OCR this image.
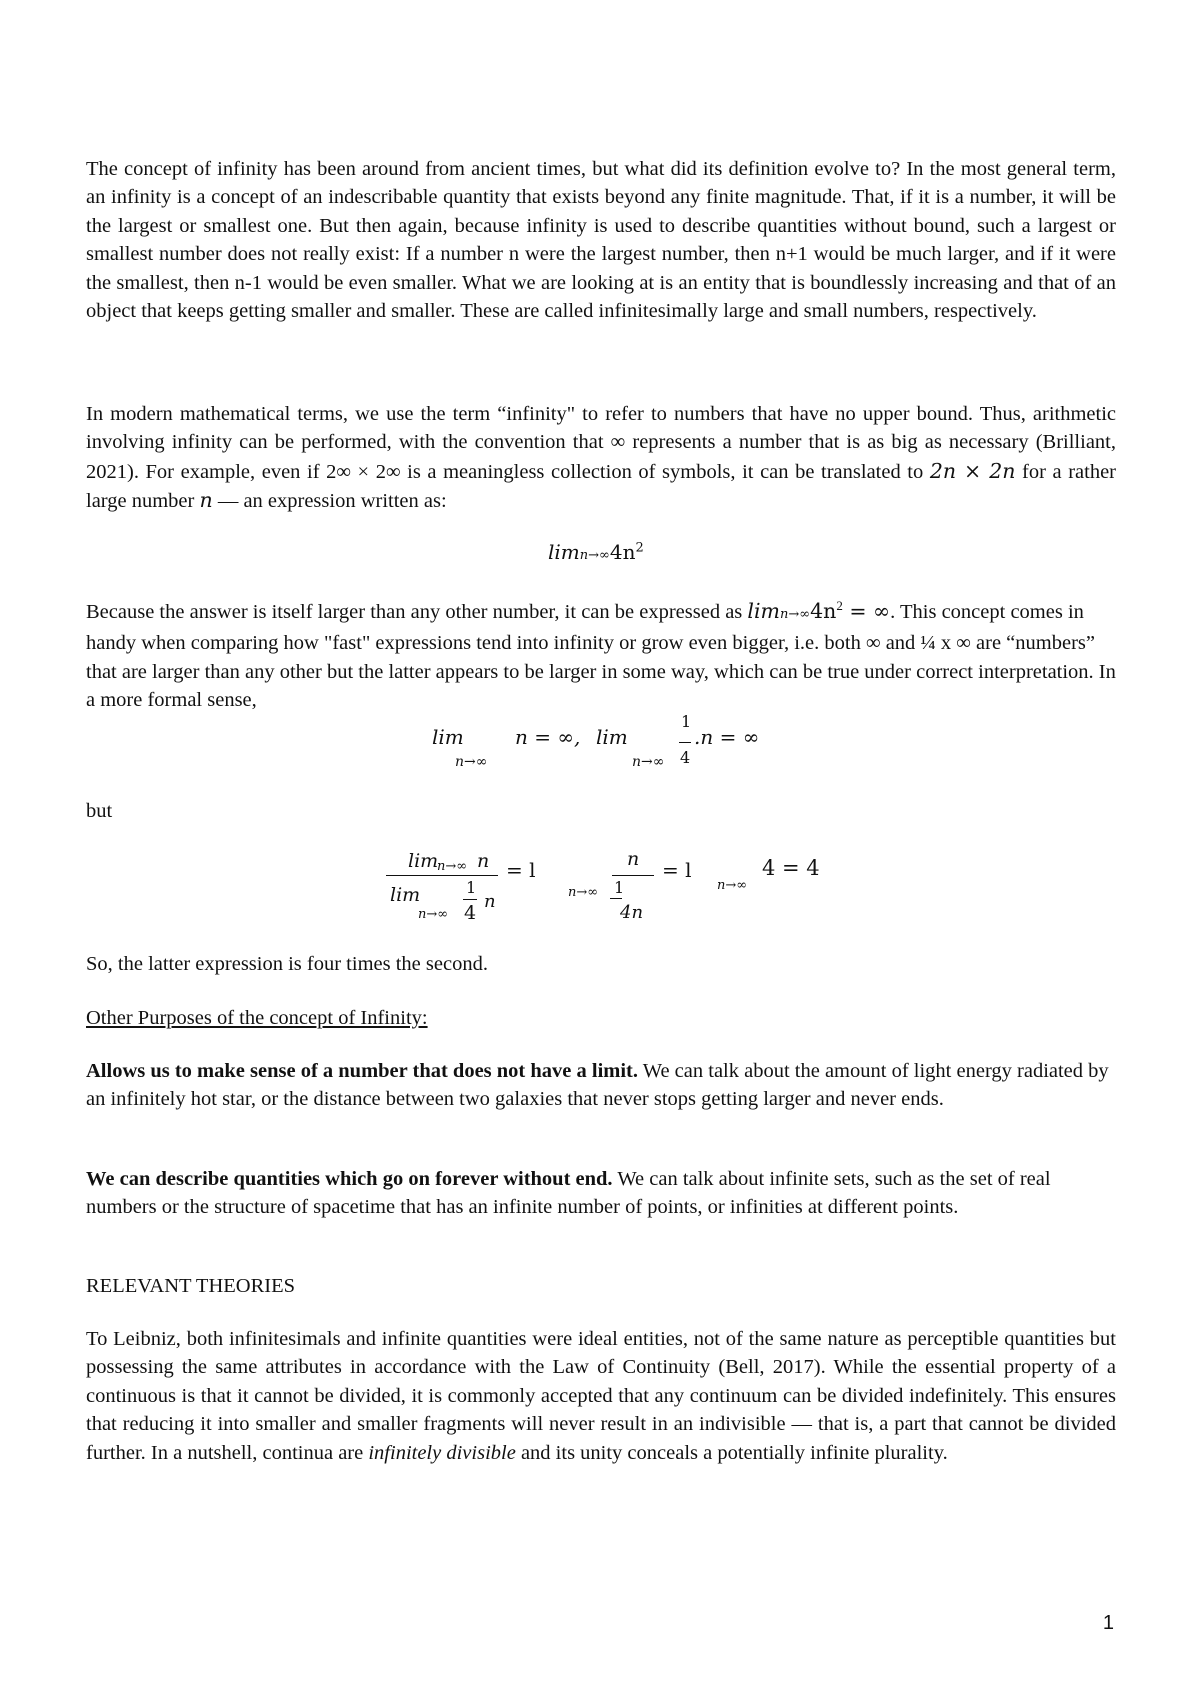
The concept of infinity has been around from ancient times, but what did its definition evolve to? In the most general term, an infinity is a concept of an indescribable quantity that exists beyond any finite magnitude. That, if it is a number, it will be the largest or smallest one. But then again, because infinity is used to describe quantities without bound, such a largest or smallest number does not really exist: If a number n were the largest number, then n+1 would be much larger, and if it were the smallest, then n-1 would be even smaller. What we are looking at is an entity that is boundlessly increasing and that of an object that keeps getting smaller and smaller. These are called infinitesimally large and small numbers, respectively.

In modern mathematical terms, we use the term “infinity" to refer to numbers that have no upper bound. Thus, arithmetic involving infinity can be performed, with the convention that ∞ represents a number that is as big as necessary (Brilliant, 2021). For example, even if 2∞ × 2∞ is a meaningless collection of symbols, it can be translated to 2n × 2n for a rather large number n — an expression written as:

$\lim n\to\infty 4n^2$

Because the answer is itself larger than any other number, it can be expressed as $\lim n\to\infty 4n^2$ = ∞. This concept comes in handy when comparing how "fast" expressions tend into infinity or grow even bigger, i.e. both ∞ and ¼ x ∞ are “numbers” that are larger than any other but the latter appears to be larger in some way, which can be true under correct interpretation. In a more formal sense,

lim
n→∞
n = ∞, lim
n→∞
1
4
.n = ∞

but

lim
n→∞ n
lim
n→∞
1
4
n
= l
n→∞
n
1
4n
= l
n→∞
4 = 4

So, the latter expression is four times the second.

Other Purposes of the concept of Infinity:

Allows us to make sense of a number that does not have a limit. We can talk about the amount of light energy radiated by an infinitely hot star, or the distance between two galaxies that never stops getting larger and never ends.

We can describe quantities which go on forever without end. We can talk about infinite sets, such as the set of real numbers or the structure of spacetime that has an infinite number of points, or infinities at different points.

RELEVANT THEORIES

To Leibniz, both infinitesimals and infinite quantities were ideal entities, not of the same nature as perceptible quantities but possessing the same attributes in accordance with the Law of Continuity (Bell, 2017). While the essential property of a continuous is that it cannot be divided, it is commonly accepted that any continuum can be divided indefinitely. This ensures that reducing it into smaller and smaller fragments will never result in an indivisible — that is, a part that cannot be divided further. In a nutshell, continua are infinitely divisible and its unity conceals a potentially infinite plurality.

1
